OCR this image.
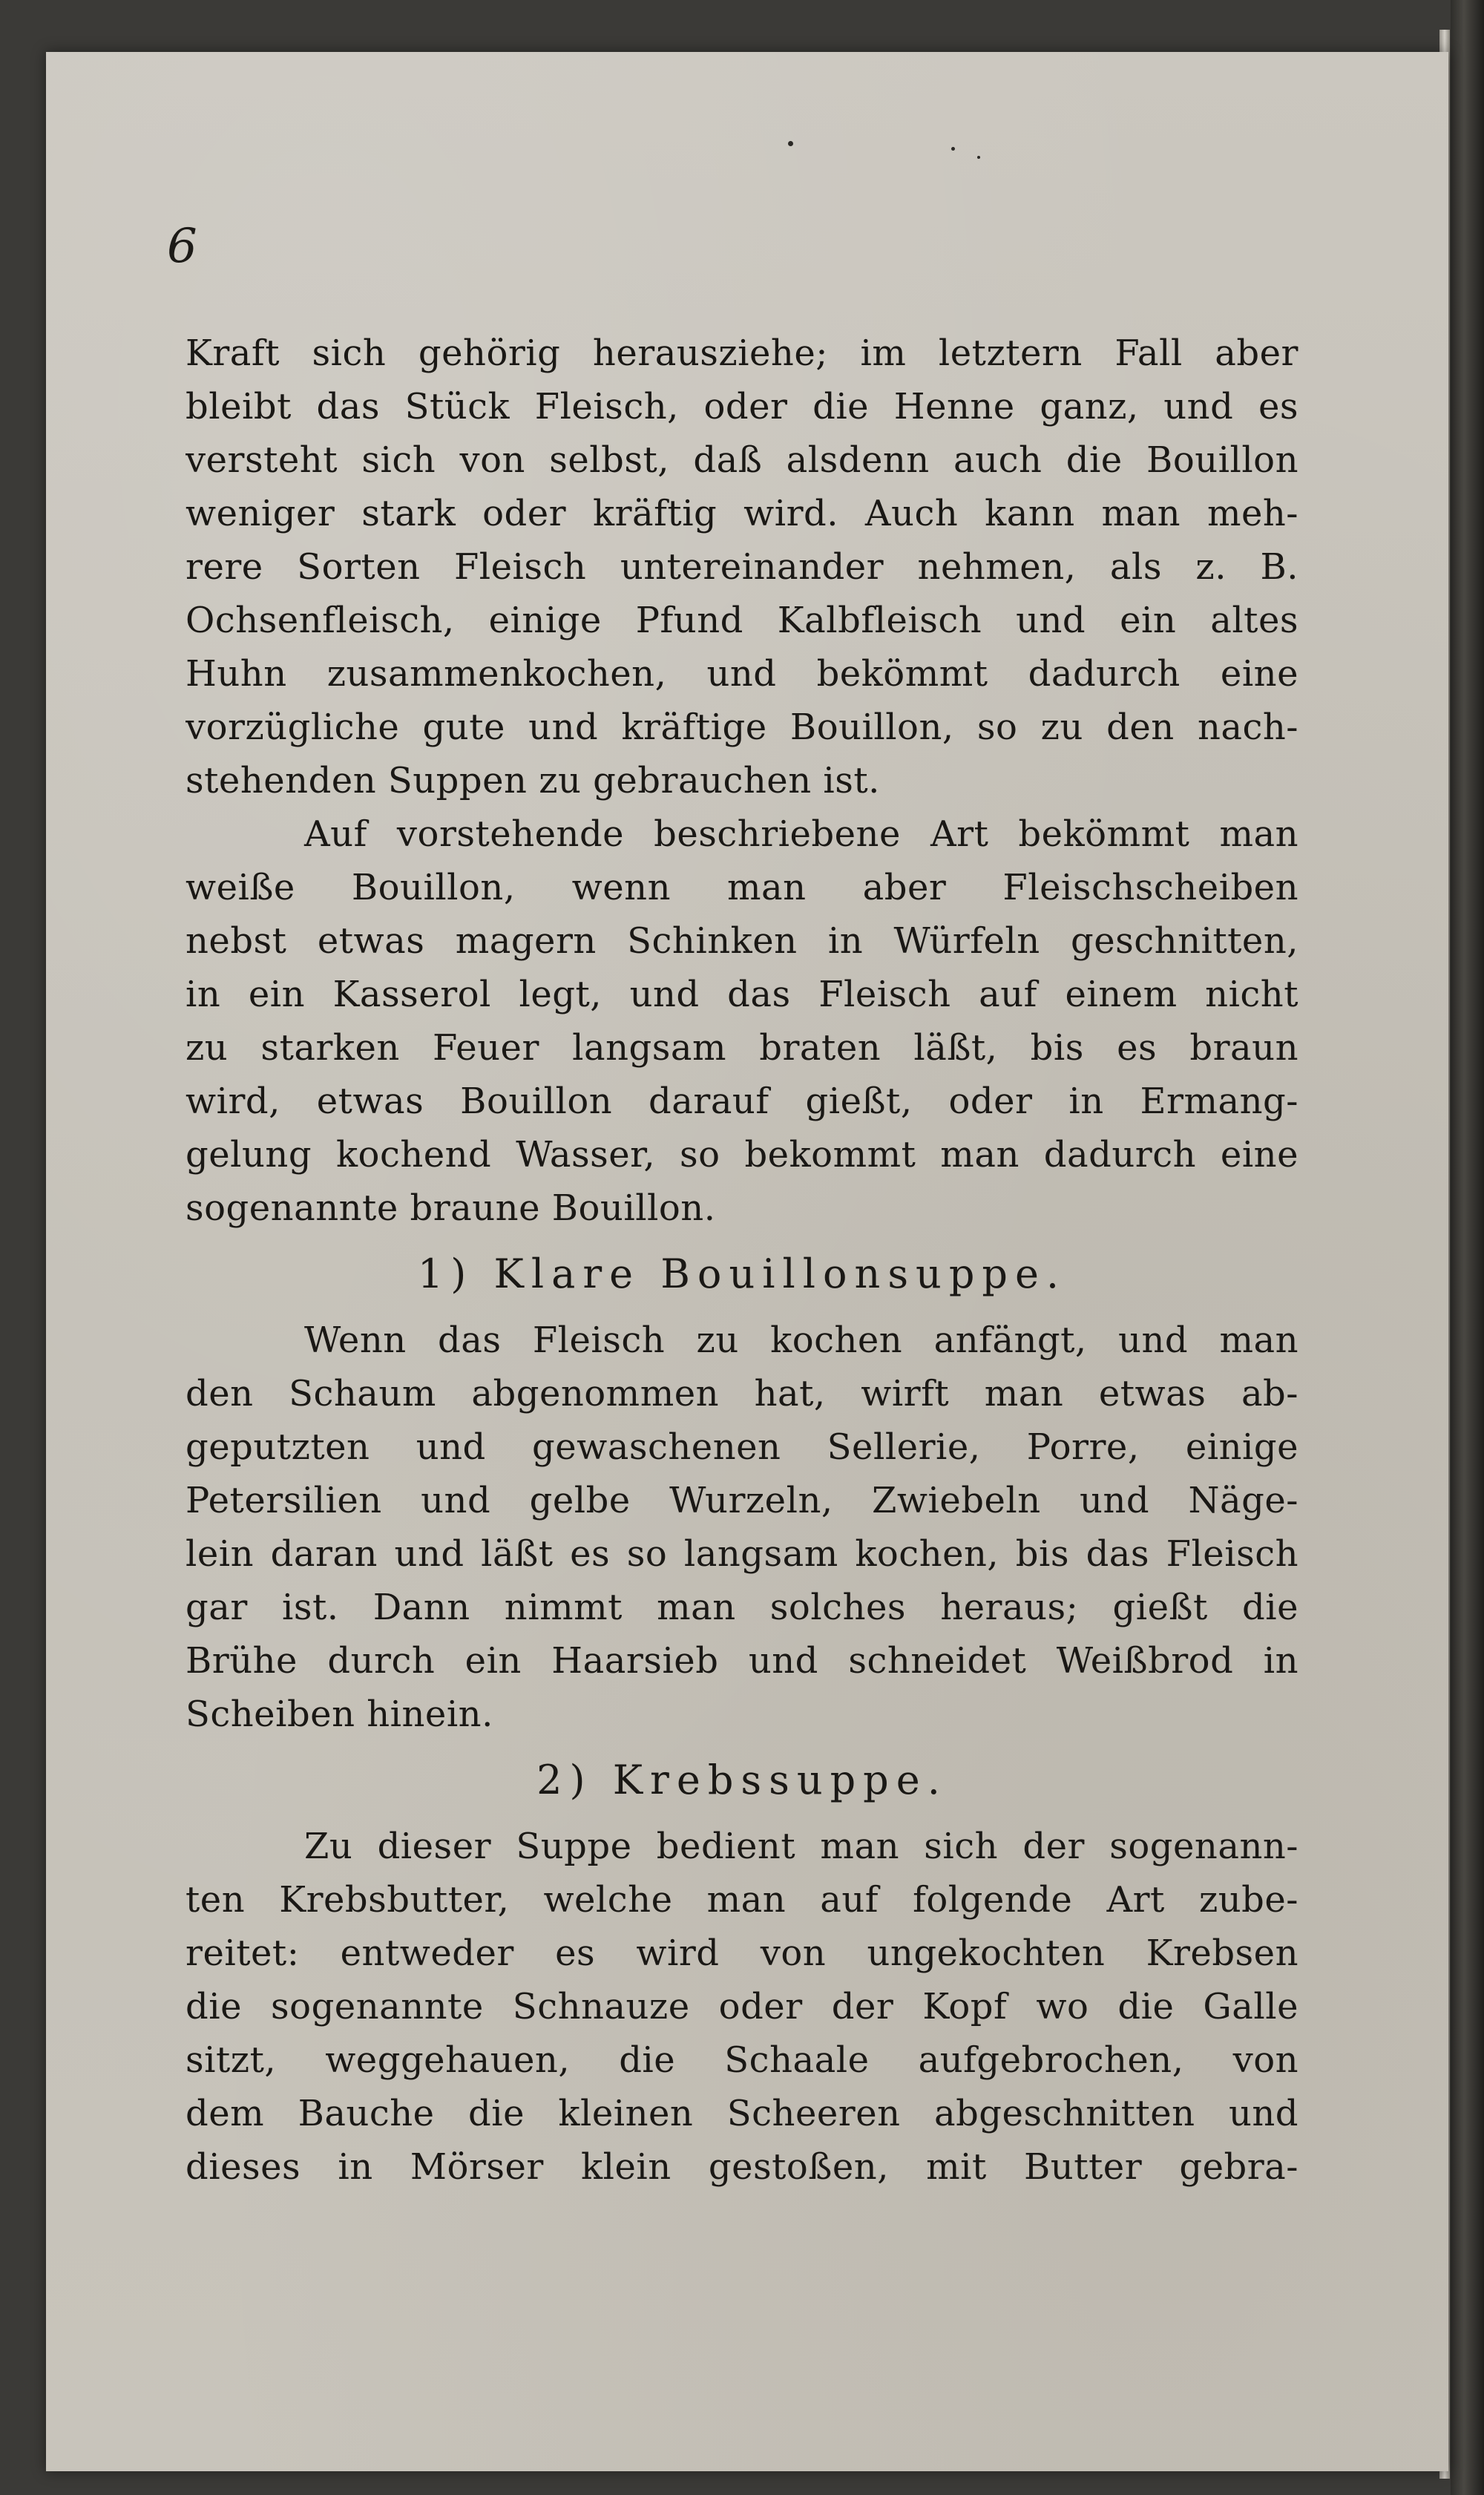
6
Kraft sich gehörig herausziehe; im letztern Fall aber
bleibt das Stück Fleisch, oder die Henne ganz, und es
versteht sich von selbst, daß alsdenn auch die Bouillon
weniger stark oder kräftig wird. Auch kann man meh-
rere Sorten Fleisch untereinander nehmen, als z. B.
Ochsenfleisch, einige Pfund Kalbfleisch und ein altes
Huhn zusammenkochen, und bekömmt dadurch eine
vorzügliche gute und kräftige Bouillon, so zu den nach-
stehenden Suppen zu gebrauchen ist.
Auf vorstehende beschriebene Art bekömmt man
weiße Bouillon, wenn man aber Fleischscheiben
nebst etwas magern Schinken in Würfeln geschnitten,
in ein Kasserol legt, und das Fleisch auf einem nicht
zu starken Feuer langsam braten läßt, bis es braun
wird, etwas Bouillon darauf gießt, oder in Ermang-
gelung kochend Wasser, so bekommt man dadurch eine
sogenannte braune Bouillon.
1) Klare Bouillonsuppe.
Wenn das Fleisch zu kochen anfängt, und man
den Schaum abgenommen hat, wirft man etwas ab-
geputzten und gewaschenen Sellerie, Porre, einige
Petersilien und gelbe Wurzeln, Zwiebeln und Näge-
lein daran und läßt es so langsam kochen, bis das Fleisch
gar ist. Dann nimmt man solches heraus; gießt die
Brühe durch ein Haarsieb und schneidet Weißbrod in
Scheiben hinein.
2) Krebssuppe.
Zu dieser Suppe bedient man sich der sogenann-
ten Krebsbutter, welche man auf folgende Art zube-
reitet: entweder es wird von ungekochten Krebsen
die sogenannte Schnauze oder der Kopf wo die Galle
sitzt, weggehauen, die Schaale aufgebrochen, von
dem Bauche die kleinen Scheeren abgeschnitten und
dieses in Mörser klein gestoßen, mit Butter gebra-
